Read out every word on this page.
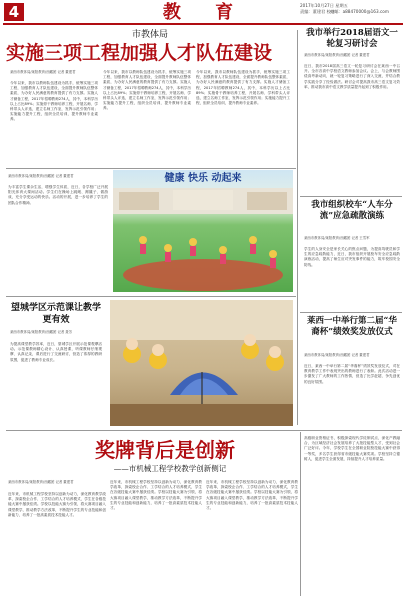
4	教 育	2017年10月27日 星期五
责编：董建君 校对：
电邮：a88470000@163.com
市教体局
实施三项工程加强人才队伍建设
莱西市教体局/莱阳教育/西藏团 记者 董建君
今年以来，我市以教师队伍建设为抓手，统筹实施三项工程，加强教育人才队伍建设，全面提升教师队伍整体素质，为办好人民满意的教育提供了有力支撑。实施人才储备工程，2017年招聘教师274人，其中，本科学历以上占比89%；实施骨干教师培养工程，开展名师、学科带头人评选，建立名师工作室，发挥示范引领作用；实施能力提升工程，组织全员培训，提升教师专业素养。
今年以来，我市以教师队伍建设为抓手，统筹实施三项工程，加强教育人才队伍建设，全面提升教师队伍整体素质，为办好人民满意的教育提供了有力支撑。实施人才储备工程，2017年招聘教师274人，其中，本科学历以上占比89%；实施骨干教师培养工程，开展名师、学科带头人评选，建立名师工作室，发挥示范引领作用；实施能力提升工程，组织全员培训，提升教师专业素养。
今年以来，我市以教师队伍建设为抓手，统筹实施三项工程，加强教育人才队伍建设，全面提升教师队伍整体素质，为办好人民满意的教育提供了有力支撑。实施人才储备工程，2017年招聘教师274人，其中，本科学历以上占比89%；实施骨干教师培养工程，开展名师、学科带头人评选，建立名师工作室，发挥示范引领作用；实施能力提升工程，组织全员培训，提升教师专业素养。
我市举行2018届语文一轮复习研讨会
莱西市教体局/莱阳教育/西藏团 记者 董建君
近日，我市2018届高三语文一轮复习研讨会在莱西一中召开。全市各高中学校语文教师参加会议。会上，与会教师围绕高考新动向，就一轮复习策略进行了深入交流，并结合教学实践分享了经验做法。研讨会对提高我市高三语文复习效率，推动我市高中语文教学质量提升起到了积极作用。
莱西市教体局/莱阳教育/西藏团 记者 董建君
为丰富学生课余生活，增强学生体质，近日，各学校广泛开展阳光体育大课间活动。学生们在操场上跳绳、踢毽子、做游戏，充分享受运动的快乐。活动的开展，进一步培养了学生的团队合作精神。
健康 快乐 动起来
我市组织校车“人车分流”应急疏散演练
莱西市教体局/莱阳教育/西藏团 记者 王雪军
学生的人身安全是家长关心的焦点问题，为提高驾驶员和学生的应急疏散能力，近日，我市组织开展校车安全应急疏散演练活动，提高了师生应对突发事件的能力，筑牢校园安全防线。
望城学区示范课让教学更有效
莱西市教体局/莱阳教育/西藏团 记者 聂芳
为提高课堂教学效率，近日，望城学区开展示范课观摩活动。示范课教师精心设计、认真授课，听课教师仔细观摩、认真记录，课后进行了交流研讨，营造了浓厚的教研氛围，促进了教师专业成长。
莱西一中举行第二届“华裔杯”绩效奖发放仪式
莱西市教体局/莱阳教育/西藏团 记者 董建君
近日，莱西一中举行第二届“华裔杯”绩效奖发放仪式，对在教育教学工作中表现突出的教师进行了表彰。此次活动进一步激发了广大教师的工作热情，营造了比学赶超、争先创优的良好氛围。
奖牌背后是创新
——市机械工程学校教学创新侧记
莱西市教体局/莱阳教育/西藏团 记者 董建君
近年来，市机械工程学校坚持以创新为动力，深化教育教学改革，探索校企合作、工学结合的人才培养模式，学生在各级技能大赛中屡获佳绩。学校以技能大赛为引领，将大赛项目融入课堂教学，推动教学方法改革，不断提升学生的专业技能和创新能力，培养了一批高素质技术技能人才。
近年来，市机械工程学校坚持以创新为动力，深化教育教学改革，探索校企合作、工学结合的人才培养模式，学生在各级技能大赛中屡获佳绩。学校以技能大赛为引领，将大赛项目融入课堂教学，推动教学方法改革，不断提升学生的专业技能和创新能力，培养了一批高素质技术技能人才。
近年来，市机械工程学校坚持以创新为动力，深化教育教学改革，探索校企合作、工学结合的人才培养模式，学生在各级技能大赛中屡获佳绩。学校以技能大赛为引领，将大赛项目融入课堂教学，推动教学方法改革，不断提升学生的专业技能和创新能力，培养了一批高素质技术技能人才。
高级职业资格证书，积极探索现代学徒制试点，深化产教融合，为区域经济社会发展培养了大批技能型人才，受到社会广泛好评。今年，学校学生在全国职业院校技能大赛中获得一等奖，多名学生获得省市级技能大赛奖项。学校坚持立德树人，促进学生全面发展，持续提升人才培养质量。
